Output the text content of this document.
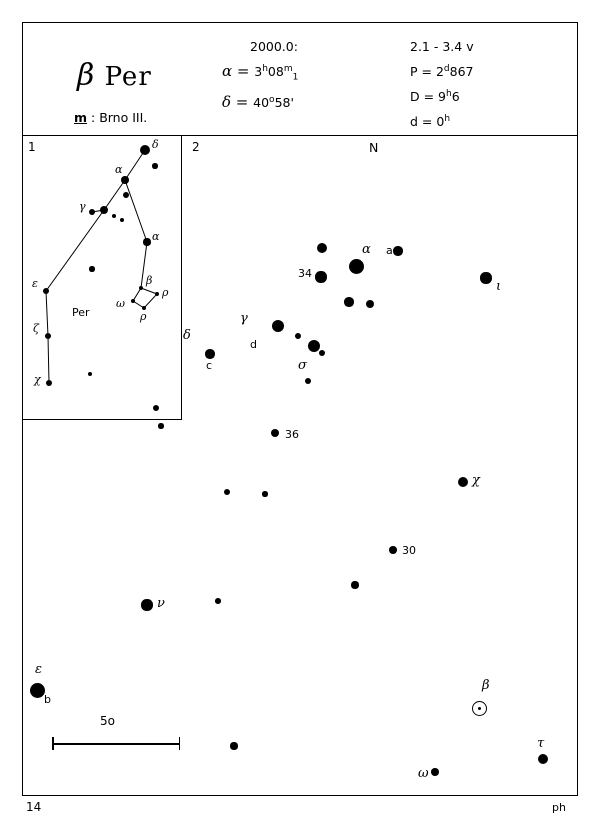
β Per
m : Brno III.
2000.0:
$\alpha = 3^h08^m_1$
$\delta = 40^o58'$
2.1 - 3.4 v
$P = 2^d867$
$D = 9^h6$
$d = 0^h$
1	2	N
δ
α
γ
α
ε	β
ρ
ω
ρ
ζ
χ
Per
α a
34
ι
δ
c
γ
d
σ
36
χ
30
ν
ε
b
β
ω
τ
5o
14	ph
